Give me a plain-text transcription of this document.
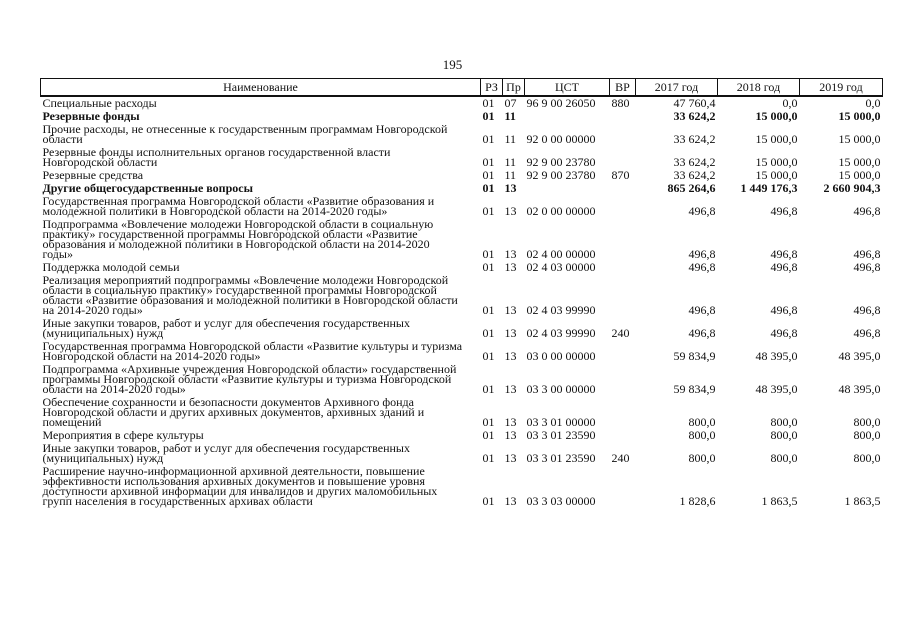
195
Наименование	РЗ	Пр	ЦСТ	ВР	2017 год	2018 год	2019 год
Специальные расходы	01	07	96 9 00 26050	880	47 760,4	0,0	0,0
Резервные фонды	01	11			33 624,2	15 000,0	15 000,0
Прочие расходы, не отнесенные к государственным программам Новгородской области	01	11	92 0 00 00000		33 624,2	15 000,0	15 000,0
Резервные фонды исполнительных органов государственной власти Новгородской области	01	11	92 9 00 23780		33 624,2	15 000,0	15 000,0
Резервные средства	01	11	92 9 00 23780	870	33 624,2	15 000,0	15 000,0
Другие общегосударственные вопросы	01	13			865 264,6	1 449 176,3	2 660 904,3
Государственная программа Новгородской области «Развитие образования и молодежной политики в Новгородской области на 2014-2020 годы»	01	13	02 0 00 00000		496,8	496,8	496,8
Подпрограмма «Вовлечение молодежи Новгородской области в социальную практику» государственной программы Новгородской области «Развитие образования и молодежной политики в Новгородской области на 2014-2020 годы»	01	13	02 4 00 00000		496,8	496,8	496,8
Поддержка молодой семьи	01	13	02 4 03 00000		496,8	496,8	496,8
Реализация мероприятий подпрограммы «Вовлечение молодежи Новгородской области в социальную практику» государственной программы Новгородской области «Развитие образования и молодежной политики в Новгородской области на 2014-2020 годы»	01	13	02 4 03 99990		496,8	496,8	496,8
Иные закупки товаров, работ и услуг для обеспечения государственных (муниципальных) нужд	01	13	02 4 03 99990	240	496,8	496,8	496,8
Государственная программа Новгородской области «Развитие культуры и туризма Новгородской области на 2014-2020 годы»	01	13	03 0 00 00000		59 834,9	48 395,0	48 395,0
Подпрограмма «Архивные учреждения Новгородской области» государственной программы Новгородской области «Развитие культуры и туризма Новгородской области на 2014-2020 годы»	01	13	03 3 00 00000		59 834,9	48 395,0	48 395,0
Обеспечение сохранности и безопасности документов Архивного фонда Новгородской области и других архивных документов, архивных зданий и помещений	01	13	03 3 01 00000		800,0	800,0	800,0
Мероприятия в сфере культуры	01	13	03 3 01 23590		800,0	800,0	800,0
Иные закупки товаров, работ и услуг для обеспечения государственных (муниципальных) нужд	01	13	03 3 01 23590	240	800,0	800,0	800,0
Расширение научно-информационной архивной деятельности, повышение эффективности использования архивных документов и повышение уровня доступности архивной информации для инвалидов и других маломобильных групп населения в государственных архивах области	01	13	03 3 03 00000		1 828,6	1 863,5	1 863,5
